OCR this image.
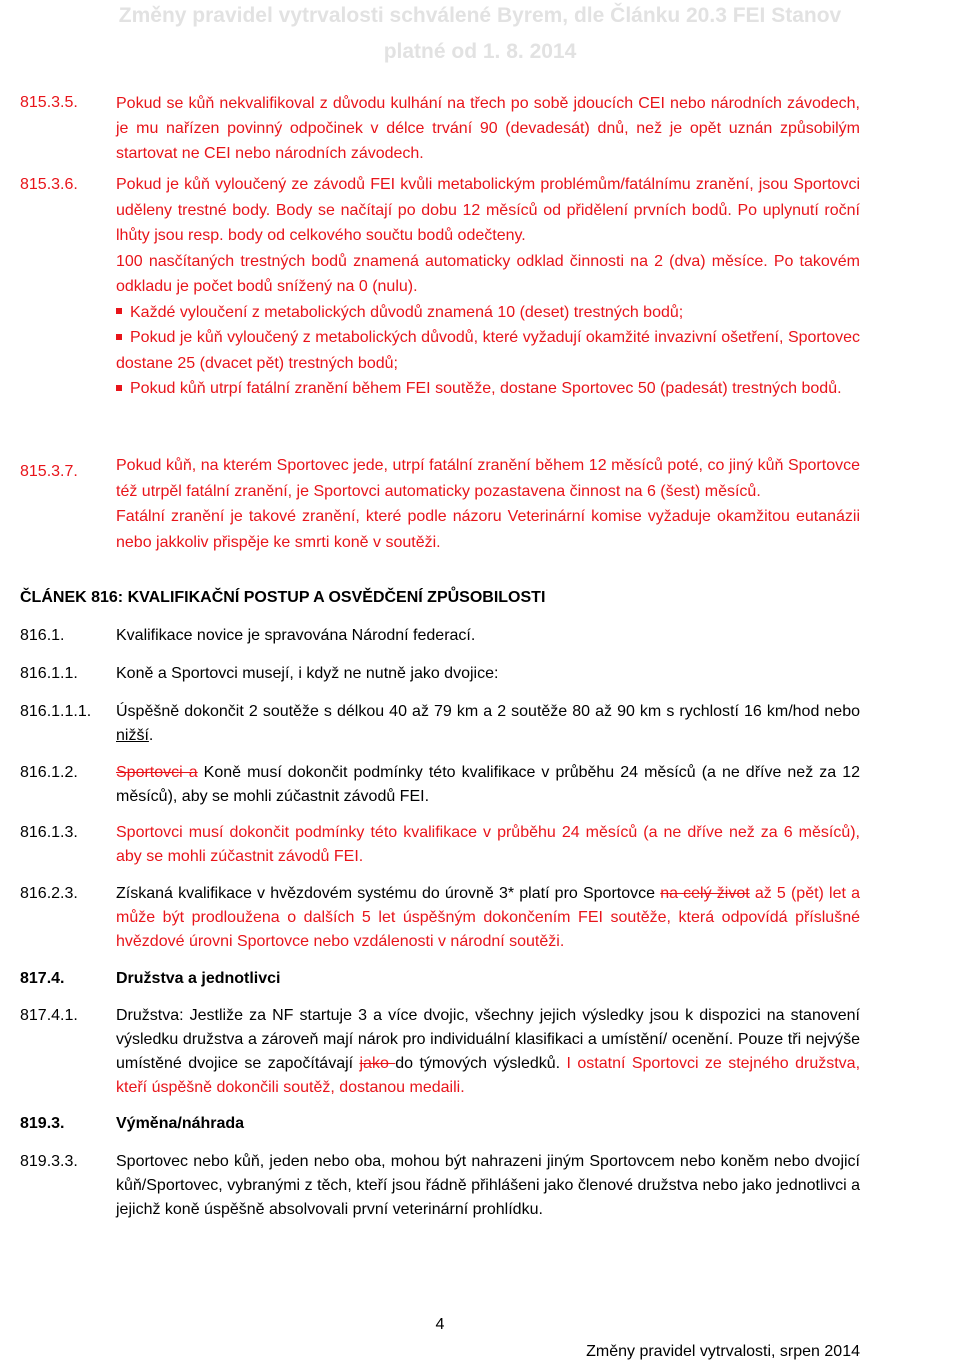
Změny pravidel vytrvalosti schválené Byrem, dle Článku 20.3 FEI Stanov
platné od 1. 8. 2014
815.3.5. Pokud se kůň nekvalifikoval z důvodu kulhání na třech po sobě jdoucích CEI nebo národních závodech, je mu nařízen povinný odpočinek v délce trvání 90 (devadesát) dnů, než je opět uznán způsobilým startovat ne CEI nebo národních závodech.
815.3.6. Pokud je kůň vyloučený ze závodů FEI kvůli metabolickým problémům/fatálnímu zranění, jsou Sportovci uděleny trestné body. Body se načítají po dobu 12 měsíců od přidělení prvních bodů. Po uplynutí roční lhůty jsou resp. body od celkového součtu bodů odečteny.
100 nasčítaných trestných bodů znamená automaticky odklad činnosti na 2 (dva) měsíce. Po takovém odkladu je počet bodů snížený na 0 (nulu).
Každé vyloučení z metabolických důvodů znamená 10 (deset) trestných bodů;
Pokud je kůň vyloučený z metabolických důvodů, které vyžadují okamžité invazivní ošetření, Sportovec dostane 25 (dvacet pět) trestných bodů;
Pokud kůň utrpí fatální zranění během FEI soutěže, dostane Sportovec 50 (padesát) trestných bodů.
815.3.7. Pokud kůň, na kterém Sportovec jede, utrpí fatální zranění během 12 měsíců poté, co jiný kůň Sportovce též utrpěl fatální zranění, je Sportovci automaticky pozastavena činnost na 6 (šest) měsíců.
Fatální zranění je takové zranění, které podle názoru Veterinární komise vyžaduje okamžitou eutanázii nebo jakkoliv přispěje ke smrti koně v soutěži.
ČLÁNEK 816: KVALIFIKAČNÍ POSTUP A OSVĚDČENÍ ZPŮSOBILOSTI
816.1.	Kvalifikace novice je spravována Národní federací.
816.1.1. Koně a Sportovci musejí, i když ne nutně jako dvojice:
816.1.1.1. Úspěšně dokončit 2 soutěže s délkou 40 až 79 km a 2 soutěže 80 až 90 km s rychlostí 16 km/hod nebo nižší.
816.1.2. Sportovci a Koně musí dokončit podmínky této kvalifikace v průběhu 24 měsíců (a ne dříve než za 12 měsíců), aby se mohli zúčastnit závodů FEI.
816.1.3. Sportovci musí dokončit podmínky této kvalifikace v průběhu 24 měsíců (a ne dříve než za 6 měsíců), aby se mohli zúčastnit závodů FEI.
816.2.3. Získaná kvalifikace v hvězdovém systému do úrovně 3* platí pro Sportovce na celý život až 5 (pět) let a může být prodloužena o dalších 5 let úspěšným dokončením FEI soutěže, která odpovídá příslušné hvězdové úrovni Sportovce nebo vzdálenosti v národní soutěži.
817.4.	Družstva a jednotlivci
817.4.1. Družstva: Jestliže za NF startuje 3 a více dvojic, všechny jejich výsledky jsou k dispozici na stanovení výsledku družstva a zároveň mají nárok pro individuální klasifikaci a umístění/ ocenění. Pouze tři nejvýše umístěné dvojice se započítávají jako do týmových výsledků. I ostatní Sportovci ze stejného družstva, kteří úspěšně dokončili soutěž, dostanou medaili.
819.3.	Výměna/náhrada
819.3.3. Sportovec nebo kůň, jeden nebo oba, mohou být nahrazeni jiným Sportovcem nebo koněm nebo dvojicí kůň/Sportovec, vybranými z těch, kteří jsou řádně přihlášeni jako členové družstva nebo jako jednotlivci a jejichž koně úspěšně absolvovali první veterinární prohlídku.
4
Změny pravidel vytrvalosti, srpen 2014
